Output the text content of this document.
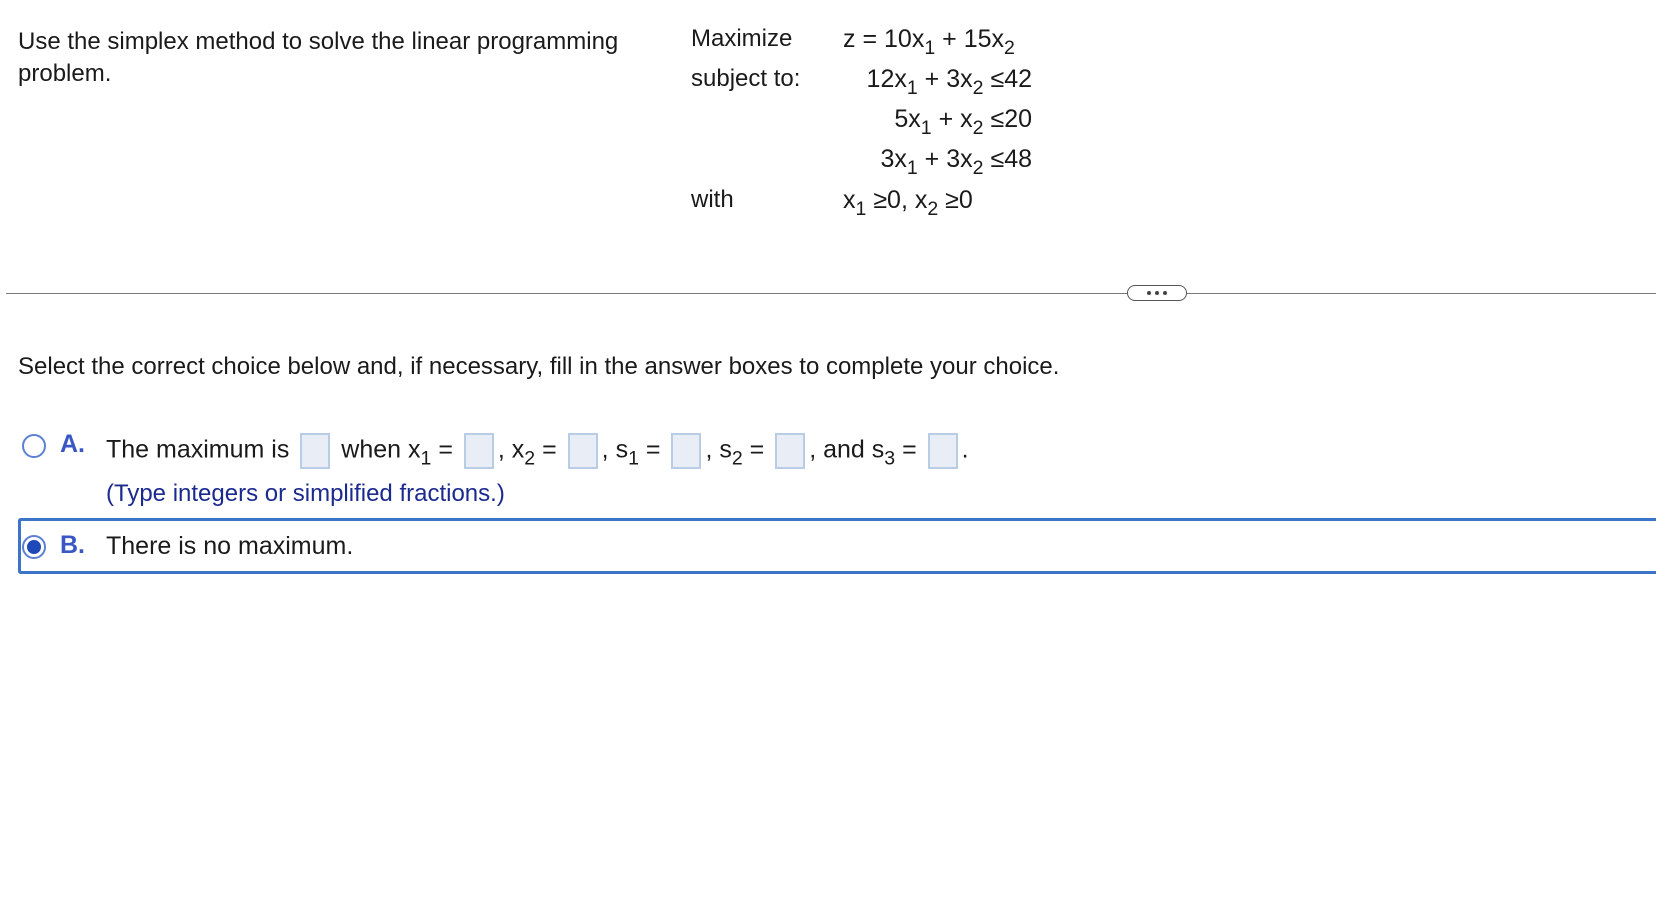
Use the simplex method to solve the linear programming problem.
Maximize
subject to:
with
$z = 10x_1 + 15x_2$
$12x_1 + 3x_2 \le 42$
$5x_1 + x_2 \le 20$
$3x_1 + 3x_2 \le 48$
$x_1 \ge 0$, $x_2 \ge 0$
Select the correct choice below and, if necessary, fill in the answer boxes to complete your choice.
A. The maximum is when $x_1$ = , $x_2$ = , $s_1$ = , $s_2$ = , and $s_3$ = .
(Type integers or simplified fractions.)
B. There is no maximum.
